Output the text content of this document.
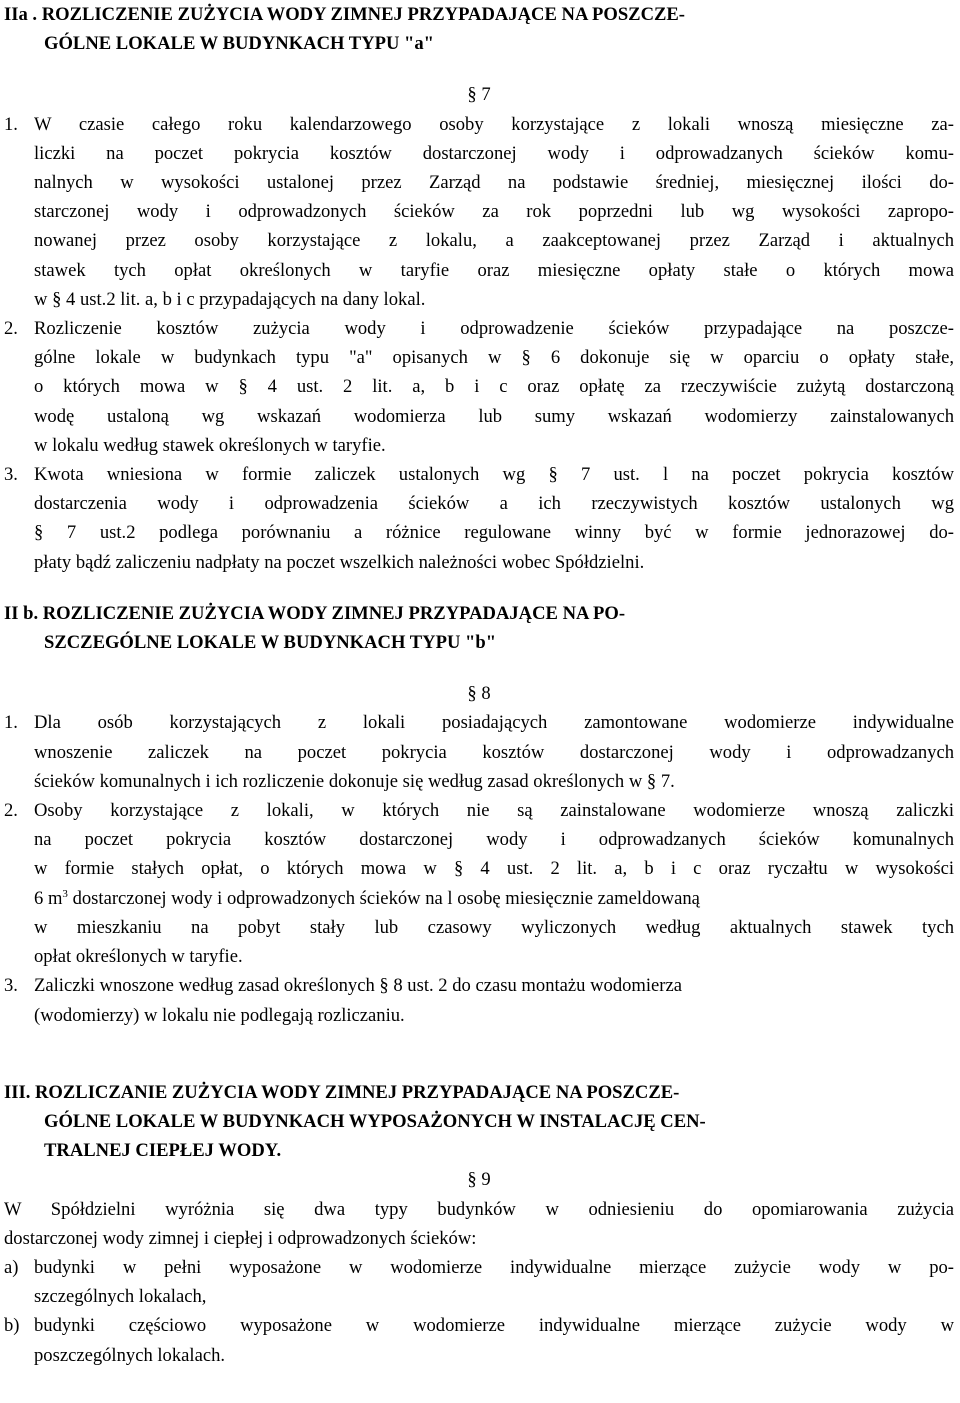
IIa . ROZLICZENIE ZUŻYCIA WODY ZIMNEJ PRZYPADAJĄCE NA POSZCZE-
GÓLNE LOKALE W BUDYNKACH TYPU "a"
§ 7
1. W czasie całego roku kalendarzowego osoby korzystające z lokali wnoszą miesięczne za-
liczki na poczet pokrycia kosztów dostarczonej wody i odprowadzanych ścieków komu-
nalnych w wysokości ustalonej przez Zarząd na podstawie średniej, miesięcznej ilości do-
starczonej wody i odprowadzonych ścieków za rok poprzedni lub wg wysokości zapropo-
nowanej przez osoby korzystające z lokalu, a zaakceptowanej przez Zarząd i aktualnych
stawek tych opłat określonych w taryfie oraz miesięczne opłaty stałe o których mowa
w § 4 ust.2 lit. a, b i c przypadających na dany lokal.
2. Rozliczenie kosztów zużycia wody i odprowadzenie ścieków przypadające na poszcze-
gólne lokale w budynkach typu "a" opisanych w § 6 dokonuje się w oparciu o opłaty stałe,
o których mowa w § 4 ust. 2 lit. a, b i c oraz opłatę za rzeczywiście zużytą dostarczoną
wodę ustaloną wg wskazań wodomierza lub sumy wskazań wodomierzy zainstalowanych
w lokalu według stawek określonych w taryfie.
3. Kwota wniesiona w formie zaliczek ustalonych wg § 7 ust. l na poczet pokrycia kosztów
dostarczenia wody i odprowadzenia ścieków a ich rzeczywistych kosztów ustalonych wg
§ 7 ust.2 podlega porównaniu a różnice regulowane winny być w formie jednorazowej do-
płaty bądź zaliczeniu nadpłaty na poczet wszelkich należności wobec Spółdzielni.
II b. ROZLICZENIE ZUŻYCIA WODY ZIMNEJ PRZYPADAJĄCE NA PO-
SZCZEGÓLNE LOKALE W BUDYNKACH TYPU "b"
§ 8
1. Dla osób korzystających z lokali posiadających zamontowane wodomierze indywidualne
wnoszenie zaliczek na poczet pokrycia kosztów dostarczonej wody i odprowadzanych
ścieków komunalnych i ich rozliczenie dokonuje się według zasad określonych w § 7.
2. Osoby korzystające z lokali, w których nie są zainstalowane wodomierze wnoszą zaliczki
na poczet pokrycia kosztów dostarczonej wody i odprowadzanych ścieków komunalnych
w formie stałych opłat, o których mowa w § 4 ust. 2 lit. a, b i c oraz ryczałtu w wysokości
6 $m^3$ dostarczonej wody i odprowadzonych ścieków na l osobę miesięcznie zameldowaną
w mieszkaniu na pobyt stały lub czasowy wyliczonych według aktualnych stawek tych
opłat określonych w taryfie.
3. Zaliczki wnoszone według zasad określonych § 8 ust. 2 do czasu montażu wodomierza
(wodomierzy) w lokalu nie podlegają rozliczaniu.
III. ROZLICZANIE ZUŻYCIA WODY ZIMNEJ PRZYPADAJĄCE NA POSZCZE-
GÓLNE LOKALE W BUDYNKACH WYPOSAŻONYCH W INSTALACJĘ CEN-
TRALNEJ CIEPŁEJ WODY.
§ 9
W Spółdzielni wyróżnia się dwa typy budynków w odniesieniu do opomiarowania zużycia
dostarczonej wody zimnej i ciepłej i odprowadzonych ścieków:
a) budynki w pełni wyposażone w wodomierze indywidualne mierzące zużycie wody w po-
szczególnych lokalach,
b) budynki częściowo wyposażone w wodomierze indywidualne mierzące zużycie wody w
poszczególnych lokalach.
